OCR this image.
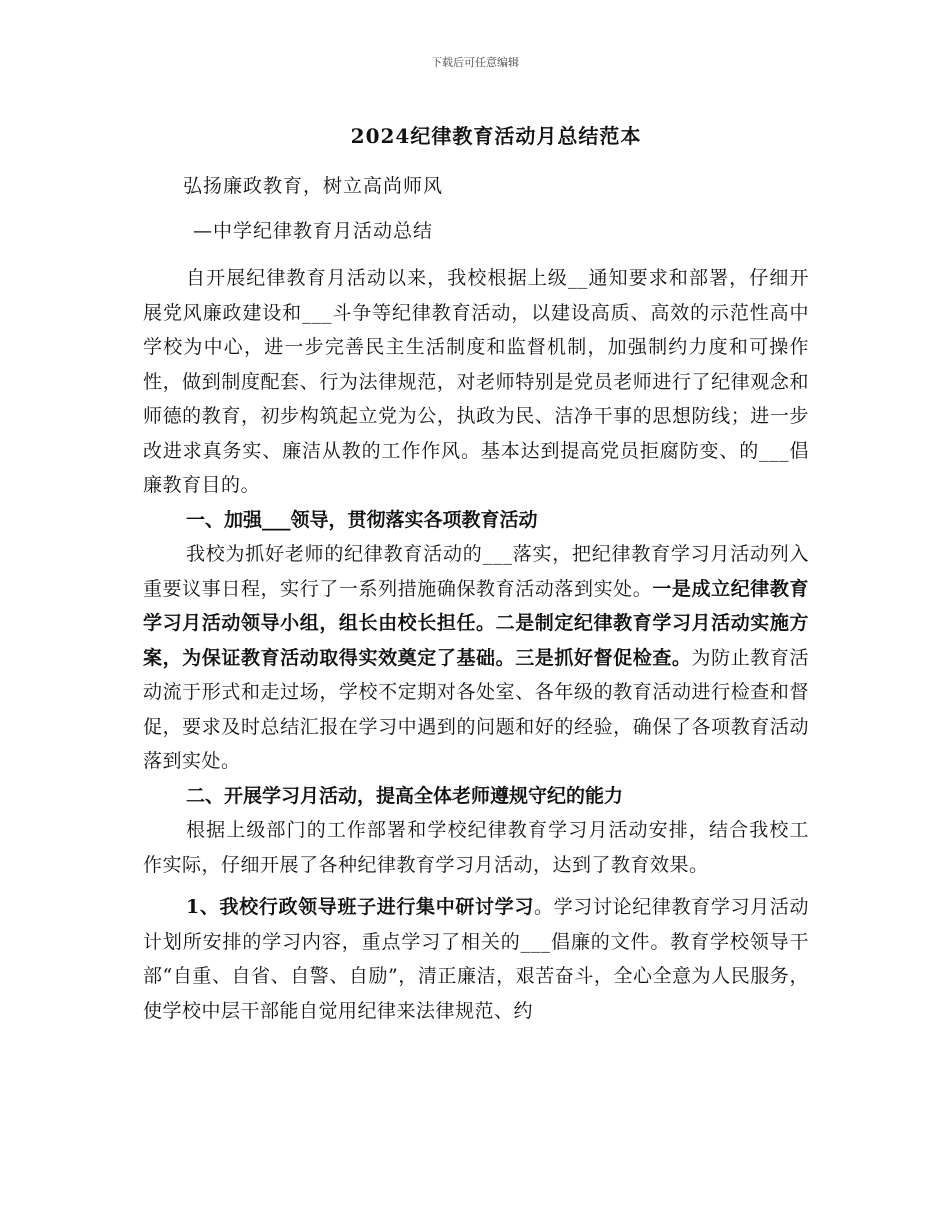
下载后可任意编辑
2024纪律教育活动月总结范本
弘扬廉政教育，树立高尚师风
—中学纪律教育月活动总结

自开展纪律教育月活动以来，我校根据上级__通知要求和部署，仔细开展党风廉政建设和___斗争等纪律教育活动，以建设高质、高效的示范性高中学校为中心，进一步完善民主生活制度和监督机制，加强制约力度和可操作性，做到制度配套、行为法律规范，对老师特别是党员老师进行了纪律观念和师德的教育，初步构筑起立党为公，执政为民、洁净干事的思想防线；进一步改进求真务实、廉洁从教的工作作风。基本达到提高党员拒腐防变、的___倡廉教育目的。

一、加强___领导，贯彻落实各项教育活动

我校为抓好老师的纪律教育活动的___落实，把纪律教育学习月活动列入重要议事日程，实行了一系列措施确保教育活动落到实处。一是成立纪律教育学习月活动领导小组，组长由校长担任。二是制定纪律教育学习月活动实施方案，为保证教育活动取得实效奠定了基础。三是抓好督促检查。为防止教育活动流于形式和走过场，学校不定期对各处室、各年级的教育活动进行检查和督促，要求及时总结汇报在学习中遇到的问题和好的经验，确保了各项教育活动落到实处。

二、开展学习月活动，提高全体老师遵规守纪的能力

根据上级部门的工作部署和学校纪律教育学习月活动安排，结合我校工作实际，仔细开展了各种纪律教育学习月活动，达到了教育效果。

1、我校行政领导班子进行集中研讨学习。学习讨论纪律教育学习月活动计划所安排的学习内容，重点学习了相关的___倡廉的文件。教育学校领导干部“自重、自省、自警、自励”，清正廉洁，艰苦奋斗，全心全意为人民服务，使学校中层干部能自觉用纪律来法律规范、约
